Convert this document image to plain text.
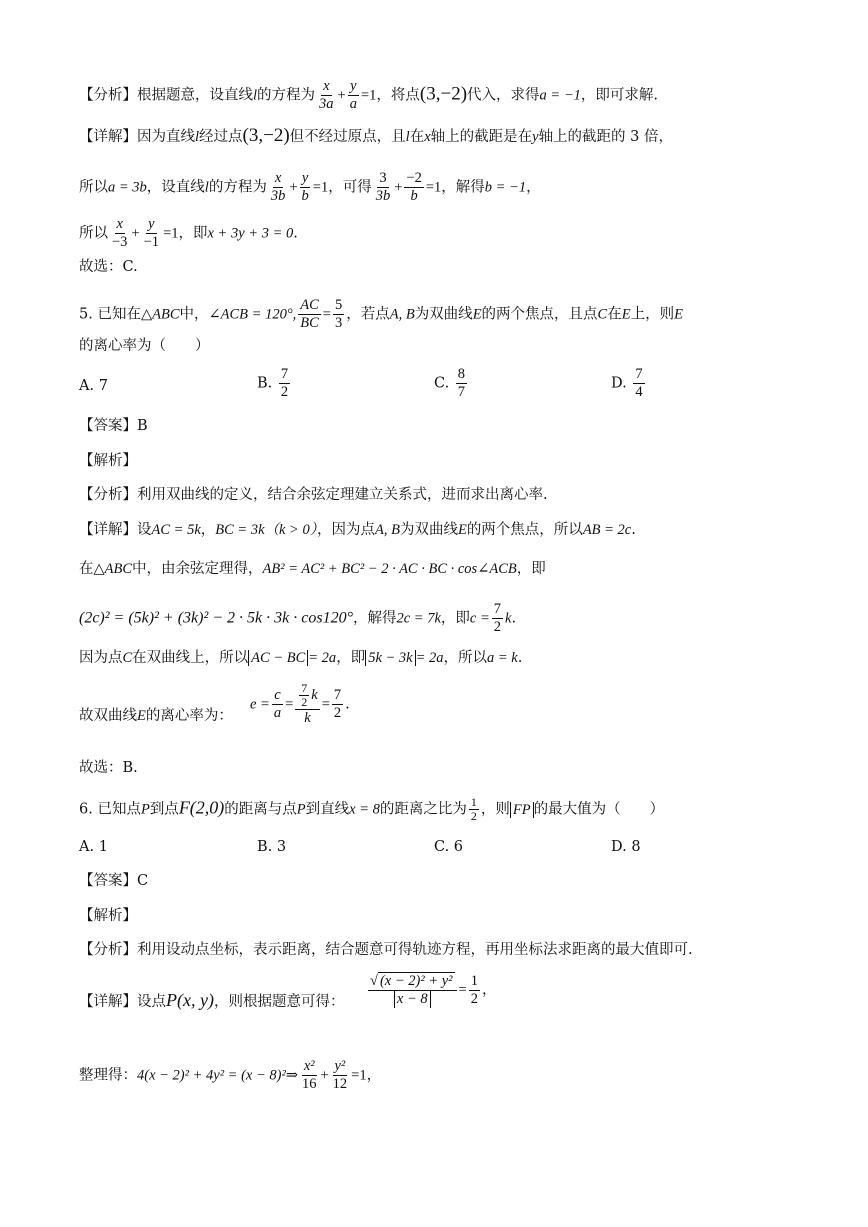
【分析】根据题意，设直线l的方程为 $\frac{x}{3a} + \frac{y}{a} =1$，将点(3,−2)代入，求得a = −1，即可求解.
【详解】因为直线l经过点(3,−2)但不经过原点，且l在x轴上的截距是在y轴上的截距的 3 倍，
所以a = 3b，设直线l的方程为 $\frac{x}{3b} + \frac{y}{b} =1$，可得 $\frac{3}{3b} + \frac{-2}{b} =1$，解得b = −1，
所以 $\frac{x}{-3} + \frac{y}{-1} =1$，即x + 3y + 3 = 0.
故选：C.
5. 已知在△ABC中，∠ACB = 120°, $\frac{AC}{BC} = \frac{5}{3}$ ，若点A, B为双曲线E的两个焦点，且点C在E上，则E
的离心率为（　　）
A. 7	B. $\frac{7}{2}$	C. $\frac{8}{7}$	D. $\frac{7}{4}$
【答案】B
【解析】
【分析】利用双曲线的定义，结合余弦定理建立关系式，进而求出离心率.
【详解】设AC = 5k，BC = 3k（k > 0），因为点A, B为双曲线E的两个焦点，所以AB = 2c.
在△ABC中，由余弦定理得，AB² = AC² + BC² − 2 · AC · BC · cos∠ACB，即
(2c)² = (5k)² + (3k)² − 2 · 5k · 3k · cos120°，解得2c = 7k，即$c = \frac{7}{2} k$.
因为点C在双曲线上，所以 AC − BC = 2a，即 5k − 3k = 2a，所以a = k.
故双曲线E的离心率为：
$e = \frac{c}{a} = \frac{\frac{7}{2} k}{k} = \frac{7}{2}$ .
故选：B.
6. 已知点P到点F(2,0)的距离与点P到直线x = 8的距离之比为 $\frac{1}{2}$ ，则 FP 的最大值为（　　）
A. 1	B. 3	C. 6	D. 8
【答案】C
【解析】
【分析】利用设动点坐标，表示距离，结合题意可得轨迹方程，再用坐标法求距离的最大值即可.
【详解】设点P(x, y)，则根据题意可得：	$\frac{\text{√ (x − 2)² + y²}}{x - 8} = \frac{1}{2}$ ，
整理得：4(x − 2)² + 4y² = (x − 8)²⇒ $\frac{\text{x²}}{16} + \frac{\text{y²}}{12} =1$，
